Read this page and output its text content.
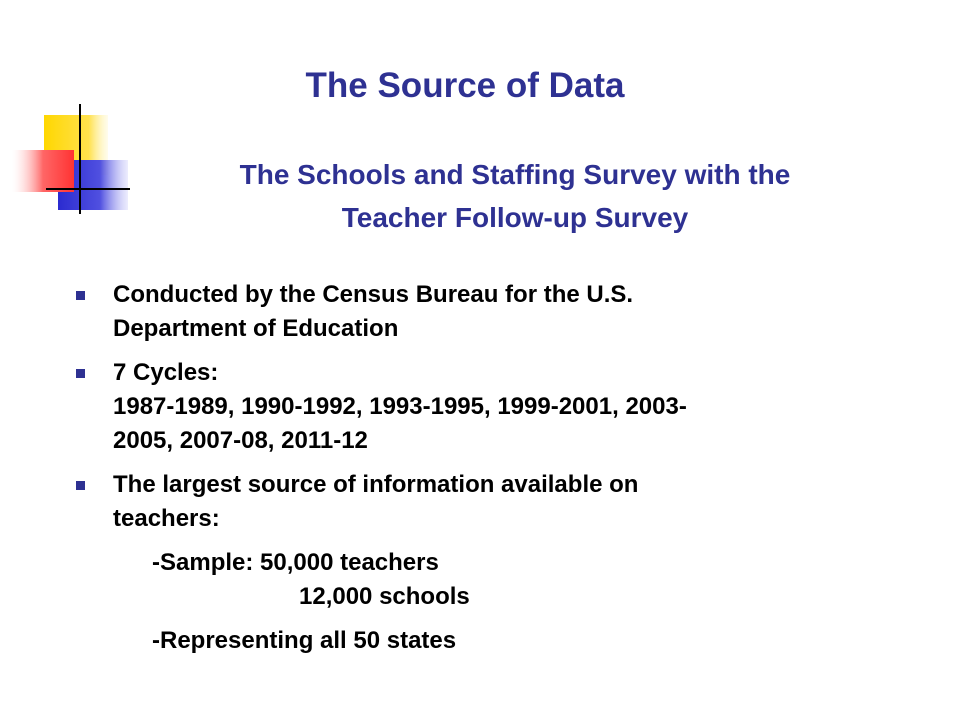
The Source of Data
The Schools and Staffing Survey with the
Teacher Follow-up Survey
Conducted by the Census Bureau for the U.S.
Department of Education
7 Cycles:
1987-1989, 1990-1992, 1993-1995, 1999-2001, 2003-
2005, 2007-08, 2011-12
The largest source of information available on
teachers:
-Sample: 50,000 teachers
12,000 schools
-Representing all 50 states
